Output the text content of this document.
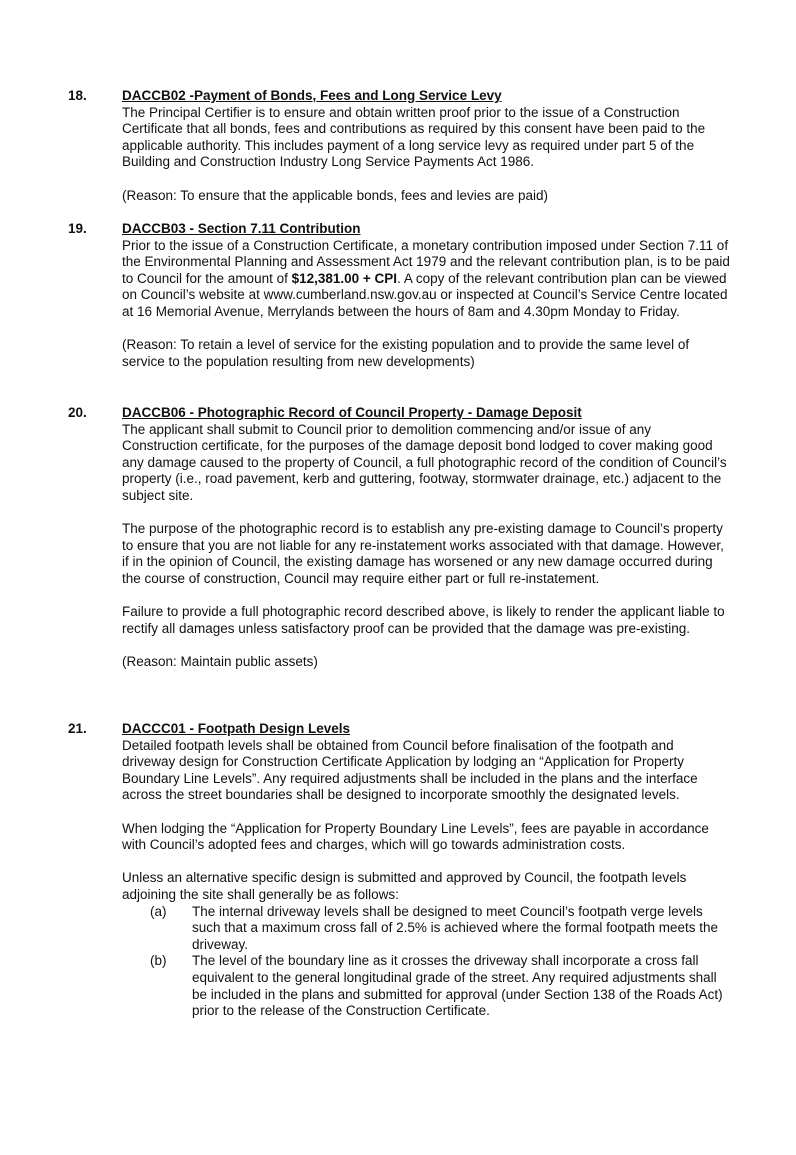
18.	DACCB02 -Payment of Bonds, Fees and Long Service Levy

The Principal Certifier is to ensure and obtain written proof prior to the issue of a Construction Certificate that all bonds, fees and contributions as required by this consent have been paid to the applicable authority. This includes payment of a long service levy as required under part 5 of the Building and Construction Industry Long Service Payments Act 1986.

(Reason: To ensure that the applicable bonds, fees and levies are paid)

19.	DACCB03 - Section 7.11 Contribution

Prior to the issue of a Construction Certificate, a monetary contribution imposed under Section 7.11 of the Environmental Planning and Assessment Act 1979 and the relevant contribution plan, is to be paid to Council for the amount of $12,381.00 + CPI. A copy of the relevant contribution plan can be viewed on Council’s website at www.cumberland.nsw.gov.au or inspected at Council’s Service Centre located at 16 Memorial Avenue, Merrylands between the hours of 8am and 4.30pm Monday to Friday.

(Reason: To retain a level of service for the existing population and to provide the same level of service to the population resulting from new developments)

20.	DACCB06 - Photographic Record of Council Property - Damage Deposit

The applicant shall submit to Council prior to demolition commencing and/or issue of any Construction certificate, for the purposes of the damage deposit bond lodged to cover making good any damage caused to the property of Council, a full photographic record of the condition of Council’s property (i.e., road pavement, kerb and guttering, footway, stormwater drainage, etc.) adjacent to the subject site.

The purpose of the photographic record is to establish any pre-existing damage to Council’s property to ensure that you are not liable for any re-instatement works associated with that damage. However, if in the opinion of Council, the existing damage has worsened or any new damage occurred during the course of construction, Council may require either part or full re-instatement.

Failure to provide a full photographic record described above, is likely to render the applicant liable to rectify all damages unless satisfactory proof can be provided that the damage was pre-existing.

(Reason: Maintain public assets)

21.	DACCC01 - Footpath Design Levels

Detailed footpath levels shall be obtained from Council before finalisation of the footpath and driveway design for Construction Certificate Application by lodging an “Application for Property Boundary Line Levels”. Any required adjustments shall be included in the plans and the interface across the street boundaries shall be designed to incorporate smoothly the designated levels.

When lodging the “Application for Property Boundary Line Levels”, fees are payable in accordance with Council’s adopted fees and charges, which will go towards administration costs.

Unless an alternative specific design is submitted and approved by Council, the footpath levels adjoining the site shall generally be as follows:

(a) The internal driveway levels shall be designed to meet Council’s footpath verge levels such that a maximum cross fall of 2.5% is achieved where the formal footpath meets the driveway.
(b) The level of the boundary line as it crosses the driveway shall incorporate a cross fall equivalent to the general longitudinal grade of the street. Any required adjustments shall be included in the plans and submitted for approval (under Section 138 of the Roads Act) prior to the release of the Construction Certificate.
